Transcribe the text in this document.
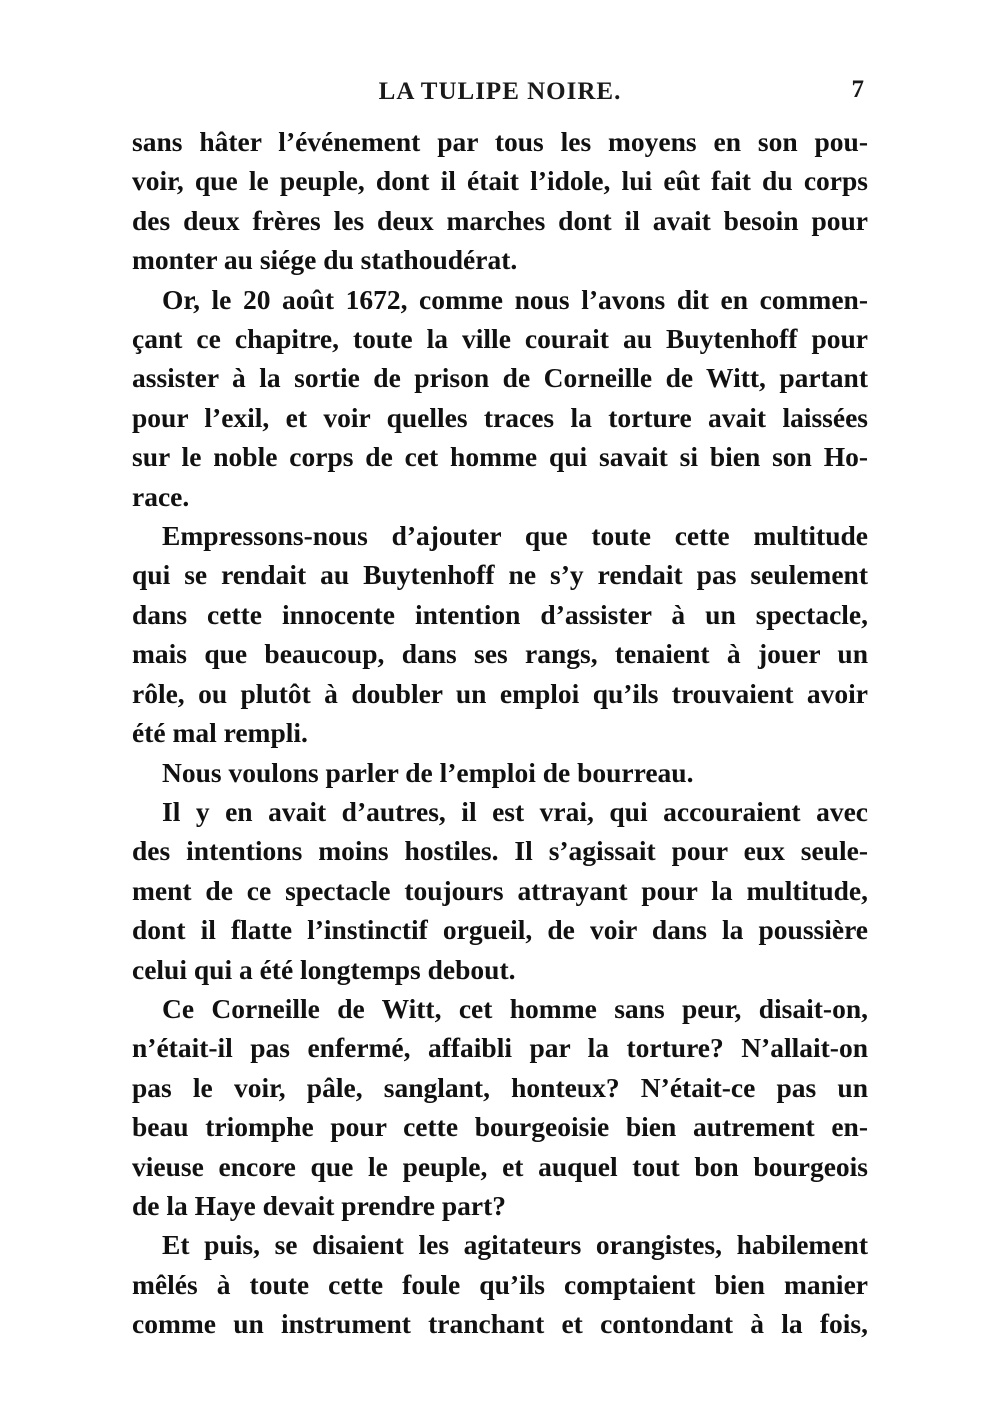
LA TULIPE NOIRE.	7

sans hâter l’événement par tous les moyens en son pou-
voir, que le peuple, dont il était l’idole, lui eût fait du corps
des deux frères les deux marches dont il avait besoin pour
monter au siége du stathoudérat.

Or, le 20 août 1672, comme nous l’avons dit en commen-
çant ce chapitre, toute la ville courait au Buytenhoff pour
assister à la sortie de prison de Corneille de Witt, partant
pour l’exil, et voir quelles traces la torture avait laissées
sur le noble corps de cet homme qui savait si bien son Ho-
race.

Empressons-nous d’ajouter que toute cette multitude
qui se rendait au Buytenhoff ne s’y rendait pas seulement
dans cette innocente intention d’assister à un spectacle,
mais que beaucoup, dans ses rangs, tenaient à jouer un
rôle, ou plutôt à doubler un emploi qu’ils trouvaient avoir
été mal rempli.

Nous voulons parler de l’emploi de bourreau.

Il y en avait d’autres, il est vrai, qui accouraient avec
des intentions moins hostiles. Il s’agissait pour eux seule-
ment de ce spectacle toujours attrayant pour la multitude,
dont il flatte l’instinctif orgueil, de voir dans la poussière
celui qui a été longtemps debout.

Ce Corneille de Witt, cet homme sans peur, disait-on,
n’était-il pas enfermé, affaibli par la torture? N’allait-on
pas le voir, pâle, sanglant, honteux? N’était-ce pas un
beau triomphe pour cette bourgeoisie bien autrement en-
vieuse encore que le peuple, et auquel tout bon bourgeois
de la Haye devait prendre part?

Et puis, se disaient les agitateurs orangistes, habilement
mêlés à toute cette foule qu’ils comptaient bien manier
comme un instrument tranchant et contondant à la fois,
